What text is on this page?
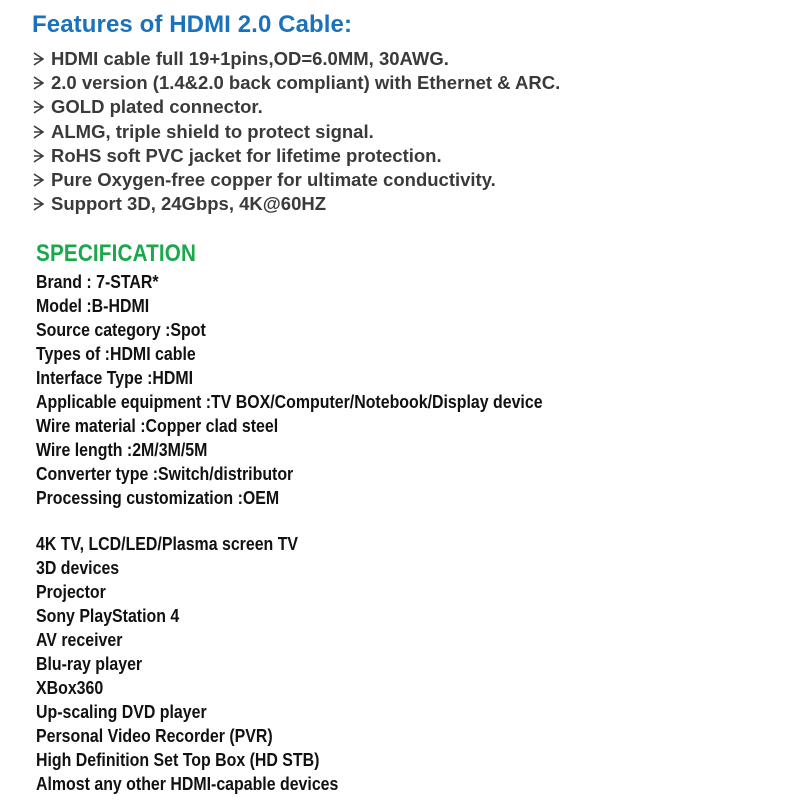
Features of HDMI 2.0 Cable:
HDMI cable full 19+1pins,OD=6.0MM, 30AWG.
2.0 version (1.4&2.0 back compliant) with Ethernet & ARC.
GOLD plated connector.
ALMG, triple shield to protect signal.
RoHS soft PVC jacket for lifetime protection.
Pure Oxygen-free copper for ultimate conductivity.
Support 3D, 24Gbps, 4K@60HZ
SPECIFICATION
Brand : 7-STAR*
Model :B-HDMI
Source category :Spot
Types of :HDMI cable
Interface Type :HDMI
Applicable equipment :TV BOX/Computer/Notebook/Display device
Wire material :Copper clad steel
Wire length :2M/3M/5M
Converter type :Switch/distributor
Processing customization :OEM
4K TV, LCD/LED/Plasma screen TV
3D devices
Projector
Sony PlayStation 4
AV receiver
Blu-ray player
XBox360
Up-scaling DVD player
Personal Video Recorder (PVR)
High Definition Set Top Box (HD STB)
Almost any other HDMI-capable devices
